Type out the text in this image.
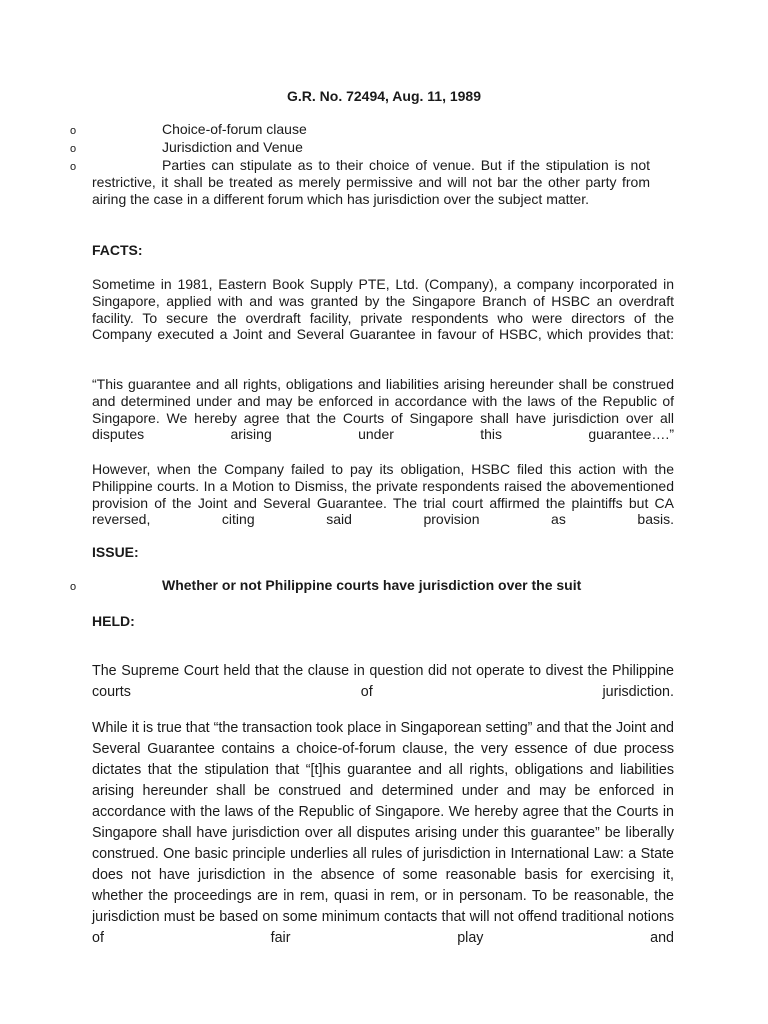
G.R. No. 72494, Aug. 11, 1989
o	Choice-of-forum clause
o	Jurisdiction and Venue
o	Parties can stipulate as to their choice of venue. But if the stipulation is not restrictive, it shall be treated as merely permissive and will not bar the other party from airing the case in a different forum which has jurisdiction over the subject matter.
FACTS:
Sometime in 1981, Eastern Book Supply PTE, Ltd. (Company), a company incorporated in Singapore, applied with and was granted by the Singapore Branch of HSBC an overdraft facility. To secure the overdraft facility, private respondents who were directors of the Company executed a Joint and Several Guarantee in favour of HSBC, which provides that:
“This guarantee and all rights, obligations and liabilities arising hereunder shall be construed and determined under and may be enforced in accordance with the laws of the Republic of Singapore. We hereby agree that the Courts of Singapore shall have jurisdiction over all disputes arising under this guarantee….”
However, when the Company failed to pay its obligation, HSBC filed this action with the Philippine courts. In a Motion to Dismiss, the private respondents raised the abovementioned provision of the Joint and Several Guarantee. The trial court affirmed the plaintiffs but CA reversed, citing said provision as basis.
ISSUE:
o	Whether or not Philippine courts have jurisdiction over the suit
HELD:
The Supreme Court held that the clause in question did not operate to divest the Philippine courts of jurisdiction.
While it is true that “the transaction took place in Singaporean setting” and that the Joint and Several Guarantee contains a choice-of-forum clause, the very essence of due process dictates that the stipulation that “[t]his guarantee and all rights, obligations and liabilities arising hereunder shall be construed and determined under and may be enforced in accordance with the laws of the Republic of Singapore. We hereby agree that the Courts in Singapore shall have jurisdiction over all disputes arising under this guarantee” be liberally construed. One basic principle underlies all rules of jurisdiction in International Law: a State does not have jurisdiction in the absence of some reasonable basis for exercising it, whether the proceedings are in rem, quasi in rem, or in personam. To be reasonable, the jurisdiction must be based on some minimum contacts that will not offend traditional notions of fair play and
